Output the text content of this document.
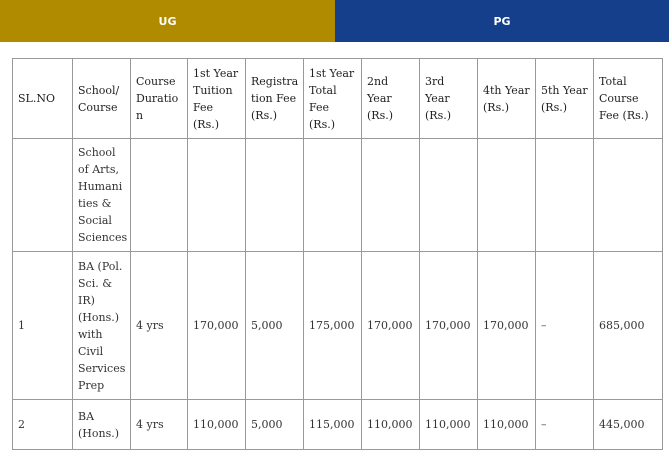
UG	PG
SL.NO	School/ Course	Course Duratio n	1st Year Tuition Fee (Rs.)	Registra tion Fee (Rs.)	1st Year Total Fee (Rs.)	2nd Year (Rs.)	3rd Year (Rs.)	4th Year (Rs.)	5th Year (Rs.)	Total Course Fee (Rs.)
	School of Arts, Humani ties & Social Sciences									
1	BA (Pol. Sci. & IR) (Hons.) with Civil Services Prep	4 yrs	170,000	5,000	175,000	170,000	170,000	170,000	–	685,000
2	BA (Hons.)	4 yrs	110,000	5,000	115,000	110,000	110,000	110,000	–	445,000
